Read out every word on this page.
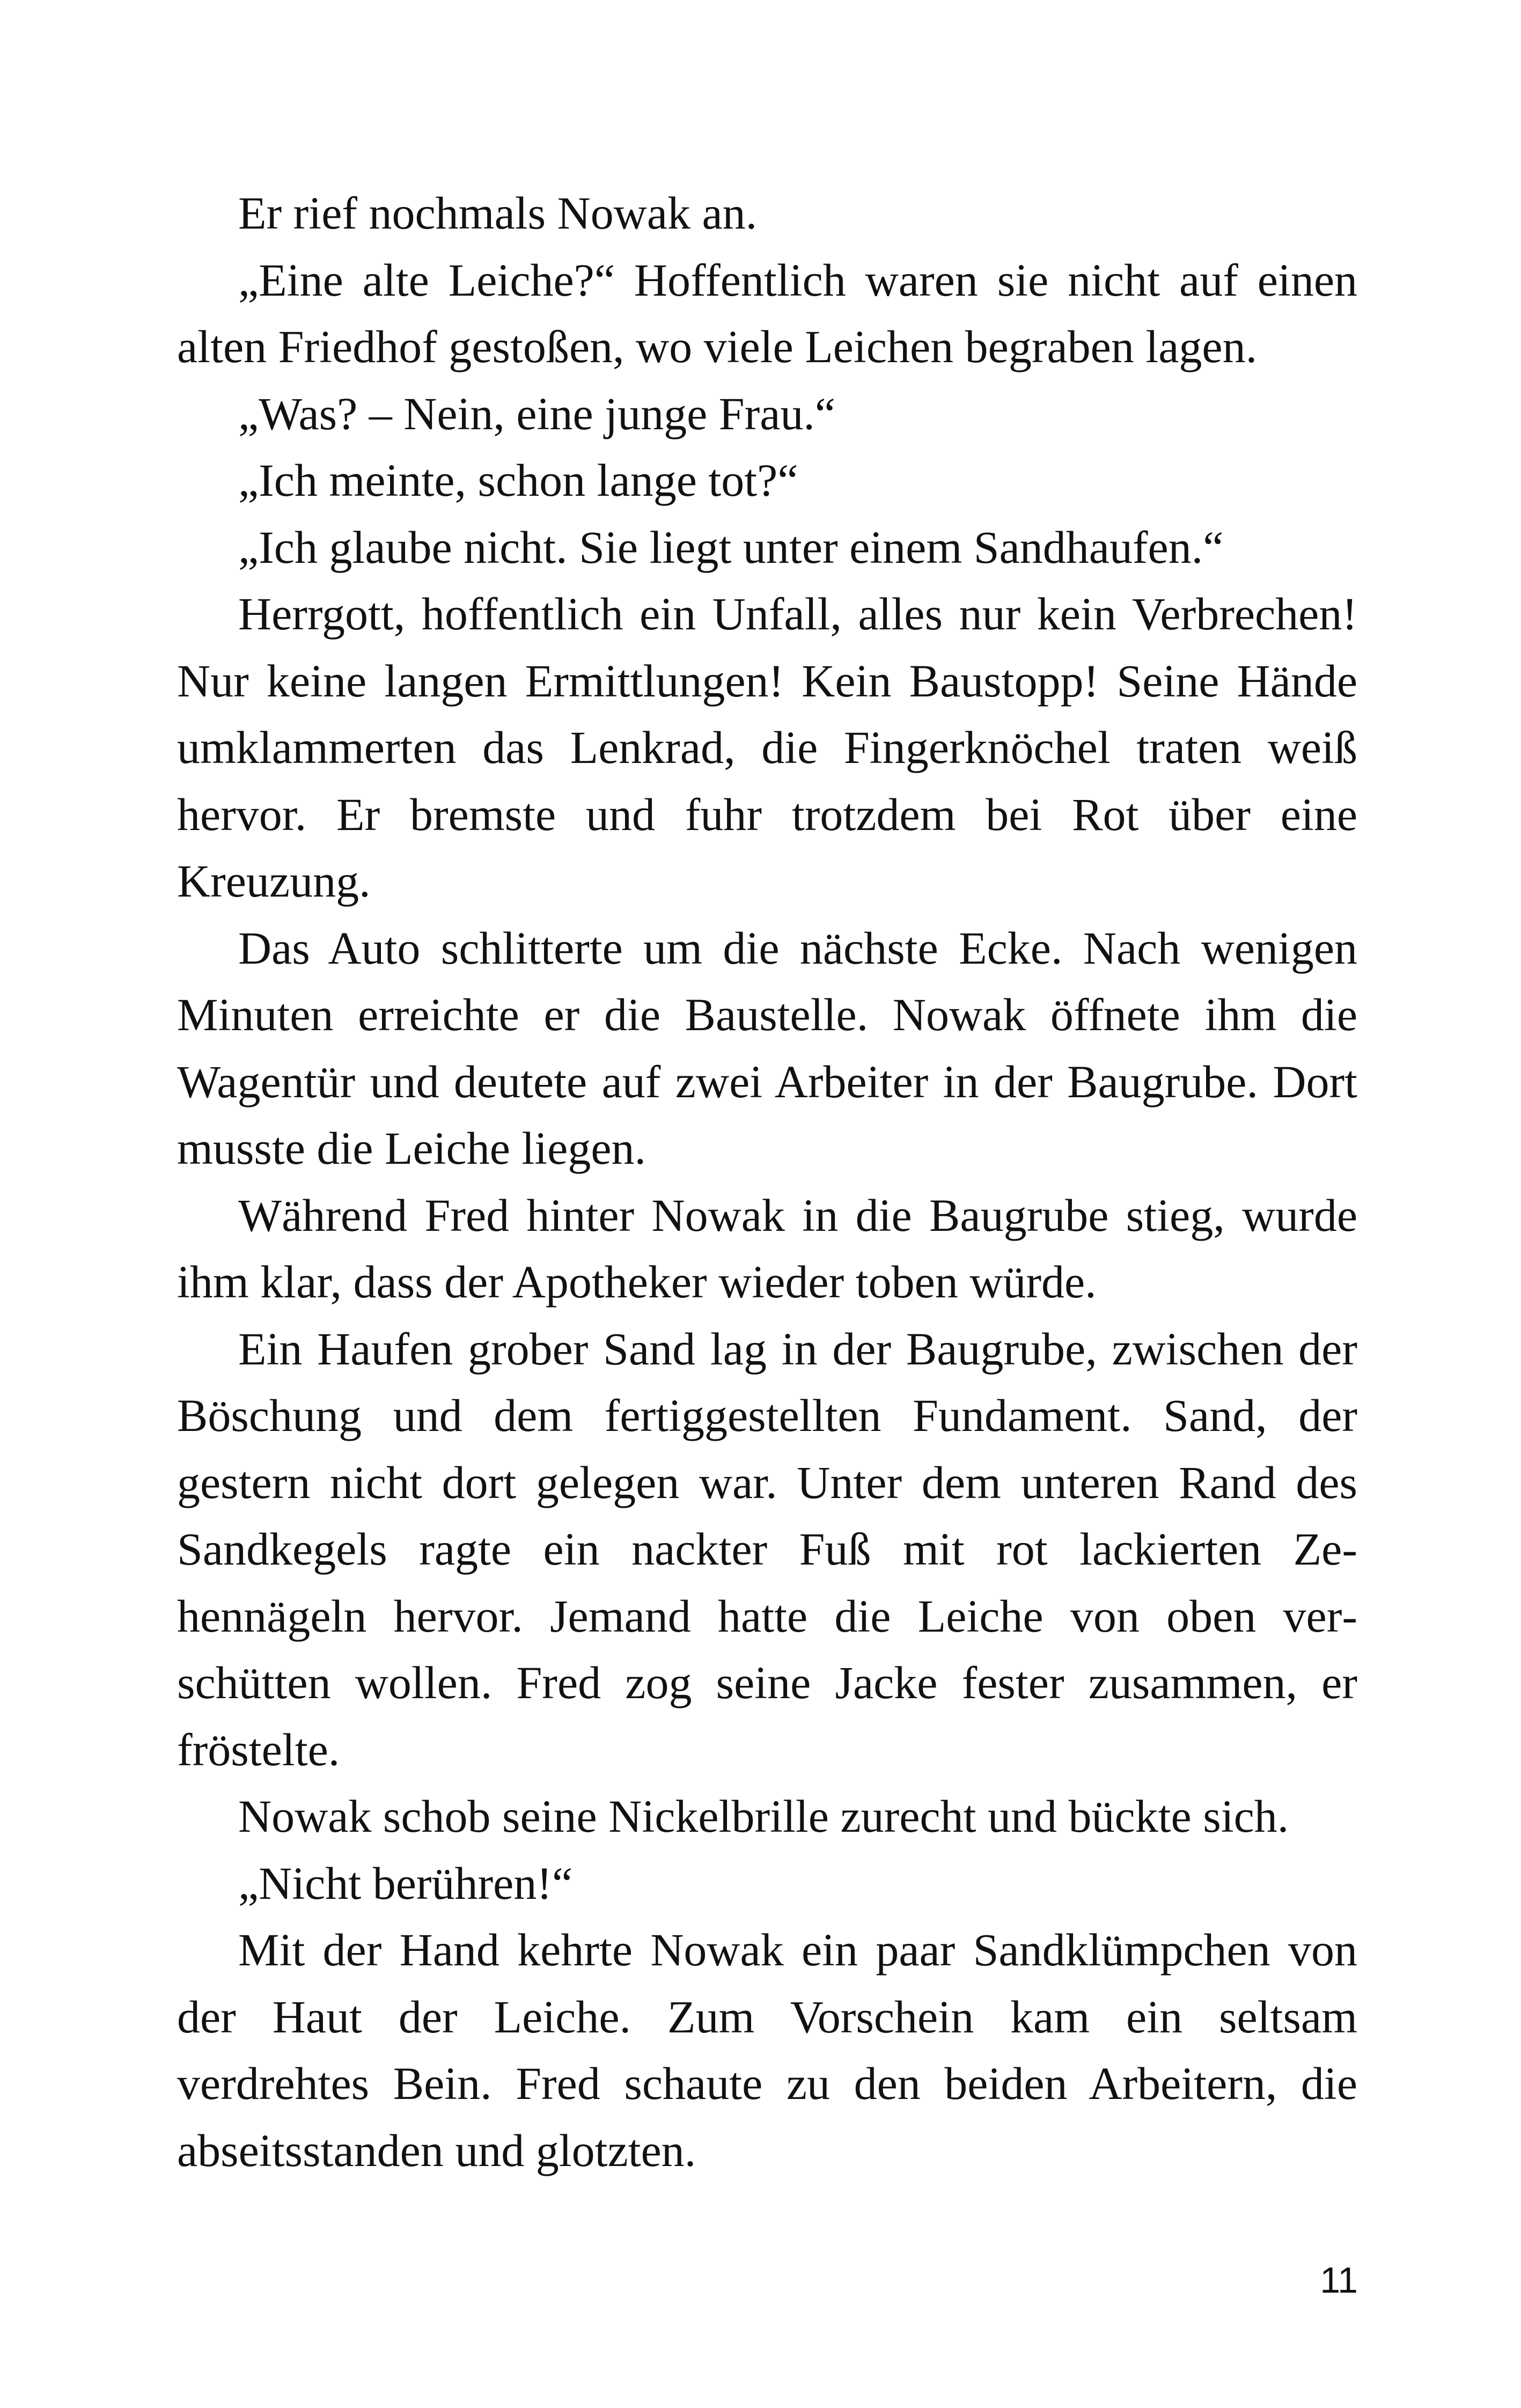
Er rief nochmals Nowak an.

„Eine alte Leiche?“ Hoffentlich waren sie nicht auf einen alten Friedhof gestoßen, wo viele Leichen begraben lagen.

„Was? – Nein, eine junge Frau.“

„Ich meinte, schon lange tot?“

„Ich glaube nicht. Sie liegt unter einem Sandhaufen.“

Herrgott, hoffentlich ein Unfall, alles nur kein Verbrechen! Nur keine langen Ermittlungen! Kein Baustopp! Seine Hände umklammerten das Lenkrad, die Fingerknöchel traten weiß hervor. Er bremste und fuhr trotzdem bei Rot über eine Kreuzung.

Das Auto schlitterte um die nächste Ecke. Nach wenigen Minuten erreichte er die Baustelle. Nowak öffnete ihm die Wagentür und deutete auf zwei Arbeiter in der Baugrube. Dort musste die Leiche liegen.

Während Fred hinter Nowak in die Baugrube stieg, wurde ihm klar, dass der Apotheker wieder toben würde.

Ein Haufen grober Sand lag in der Baugrube, zwischen der Böschung und dem fertiggestellten Fundament. Sand, der gestern nicht dort gelegen war. Unter dem unteren Rand des Sandkegels ragte ein nackter Fuß mit rot lackierten Zehennägeln hervor. Jemand hatte die Leiche von oben verschütten wollen. Fred zog seine Jacke fester zusammen, er fröstelte.

Nowak schob seine Nickelbrille zurecht und bückte sich.

„Nicht berühren!“

Mit der Hand kehrte Nowak ein paar Sandklümpchen von der Haut der Leiche. Zum Vorschein kam ein seltsam verdrehtes Bein. Fred schaute zu den beiden Arbeitern, die abseitsstanden und glotzten.

11
